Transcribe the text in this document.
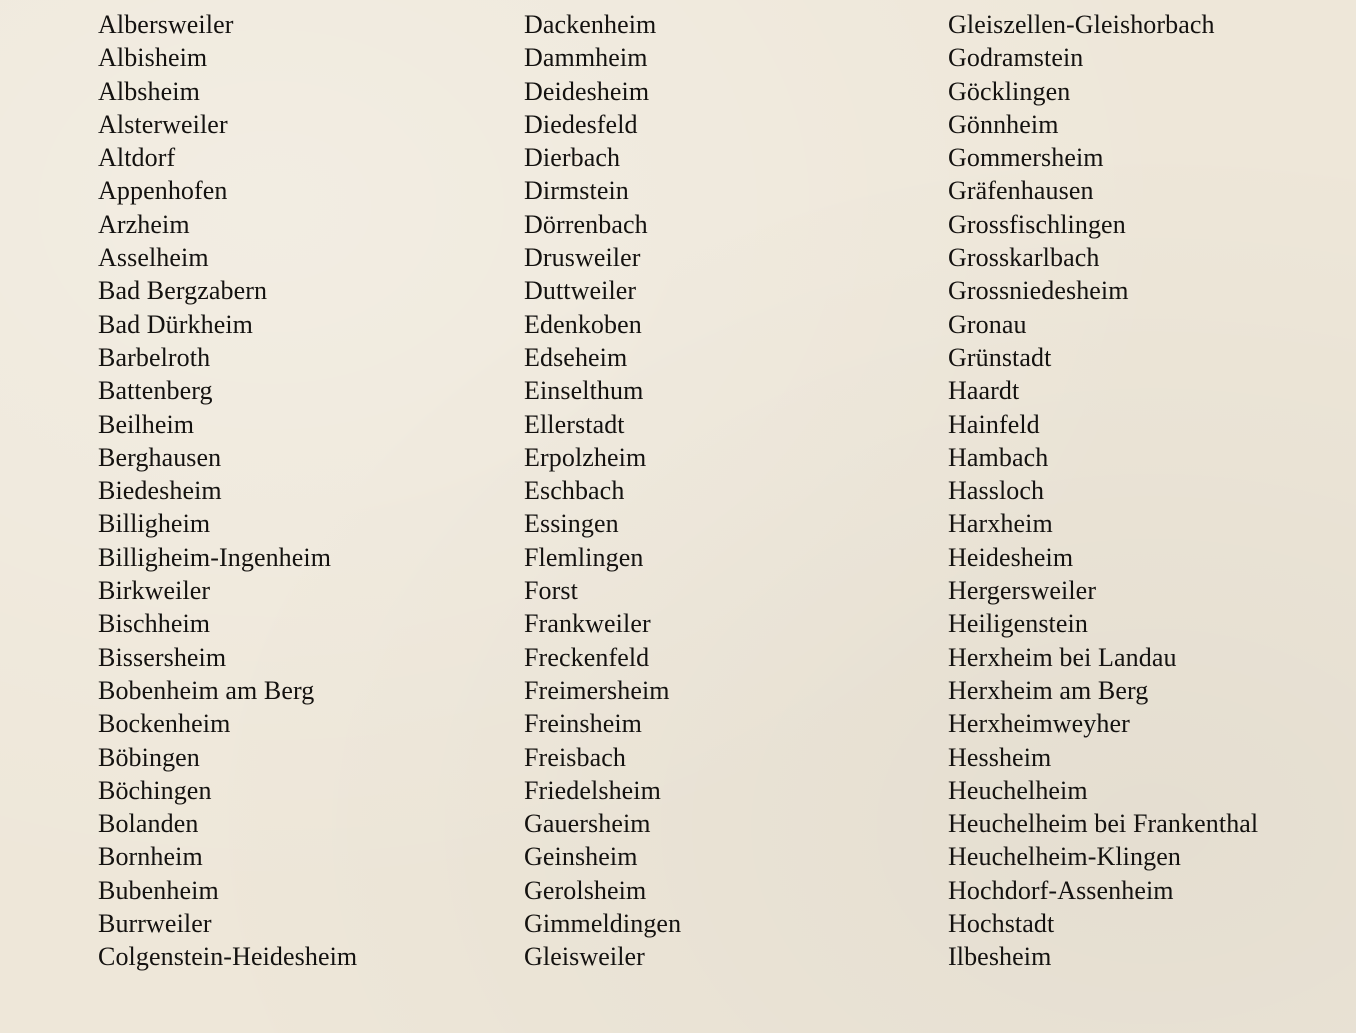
Albersweiler
Albisheim
Albsheim
Alsterweiler
Altdorf
Appenhofen
Arzheim
Asselheim
Bad Bergzabern
Bad Dürkheim
Barbelroth
Battenberg
Beilheim
Berghausen
Biedesheim
Billigheim
Billigheim-Ingenheim
Birkweiler
Bischheim
Bissersheim
Bobenheim am Berg
Bockenheim
Böbingen
Böchingen
Bolanden
Bornheim
Bubenheim
Burrweiler
Colgenstein-Heidesheim
Dackenheim
Dammheim
Deidesheim
Diedesfeld
Dierbach
Dirmstein
Dörrenbach
Drusweiler
Duttweiler
Edenkoben
Edseheim
Einselthum
Ellerstadt
Erpolzheim
Eschbach
Essingen
Flemlingen
Forst
Frankweiler
Freckenfeld
Freimersheim
Freinsheim
Freisbach
Friedelsheim
Gauersheim
Geinsheim
Gerolsheim
Gimmeldingen
Gleisweiler
Gleiszellen-Gleishorbach
Godramstein
Göcklingen
Gönnheim
Gommersheim
Gräfenhausen
Grossfischlingen
Grosskarlbach
Grossniedesheim
Gronau
Grünstadt
Haardt
Hainfeld
Hambach
Hassloch
Harxheim
Heidesheim
Hergersweiler
Heiligenstein
Herxheim bei Landau
Herxheim am Berg
Herxheimweyher
Hessheim
Heuchelheim
Heuchelheim bei Frankenthal
Heuchelheim-Klingen
Hochdorf-Assenheim
Hochstadt
Ilbesheim
